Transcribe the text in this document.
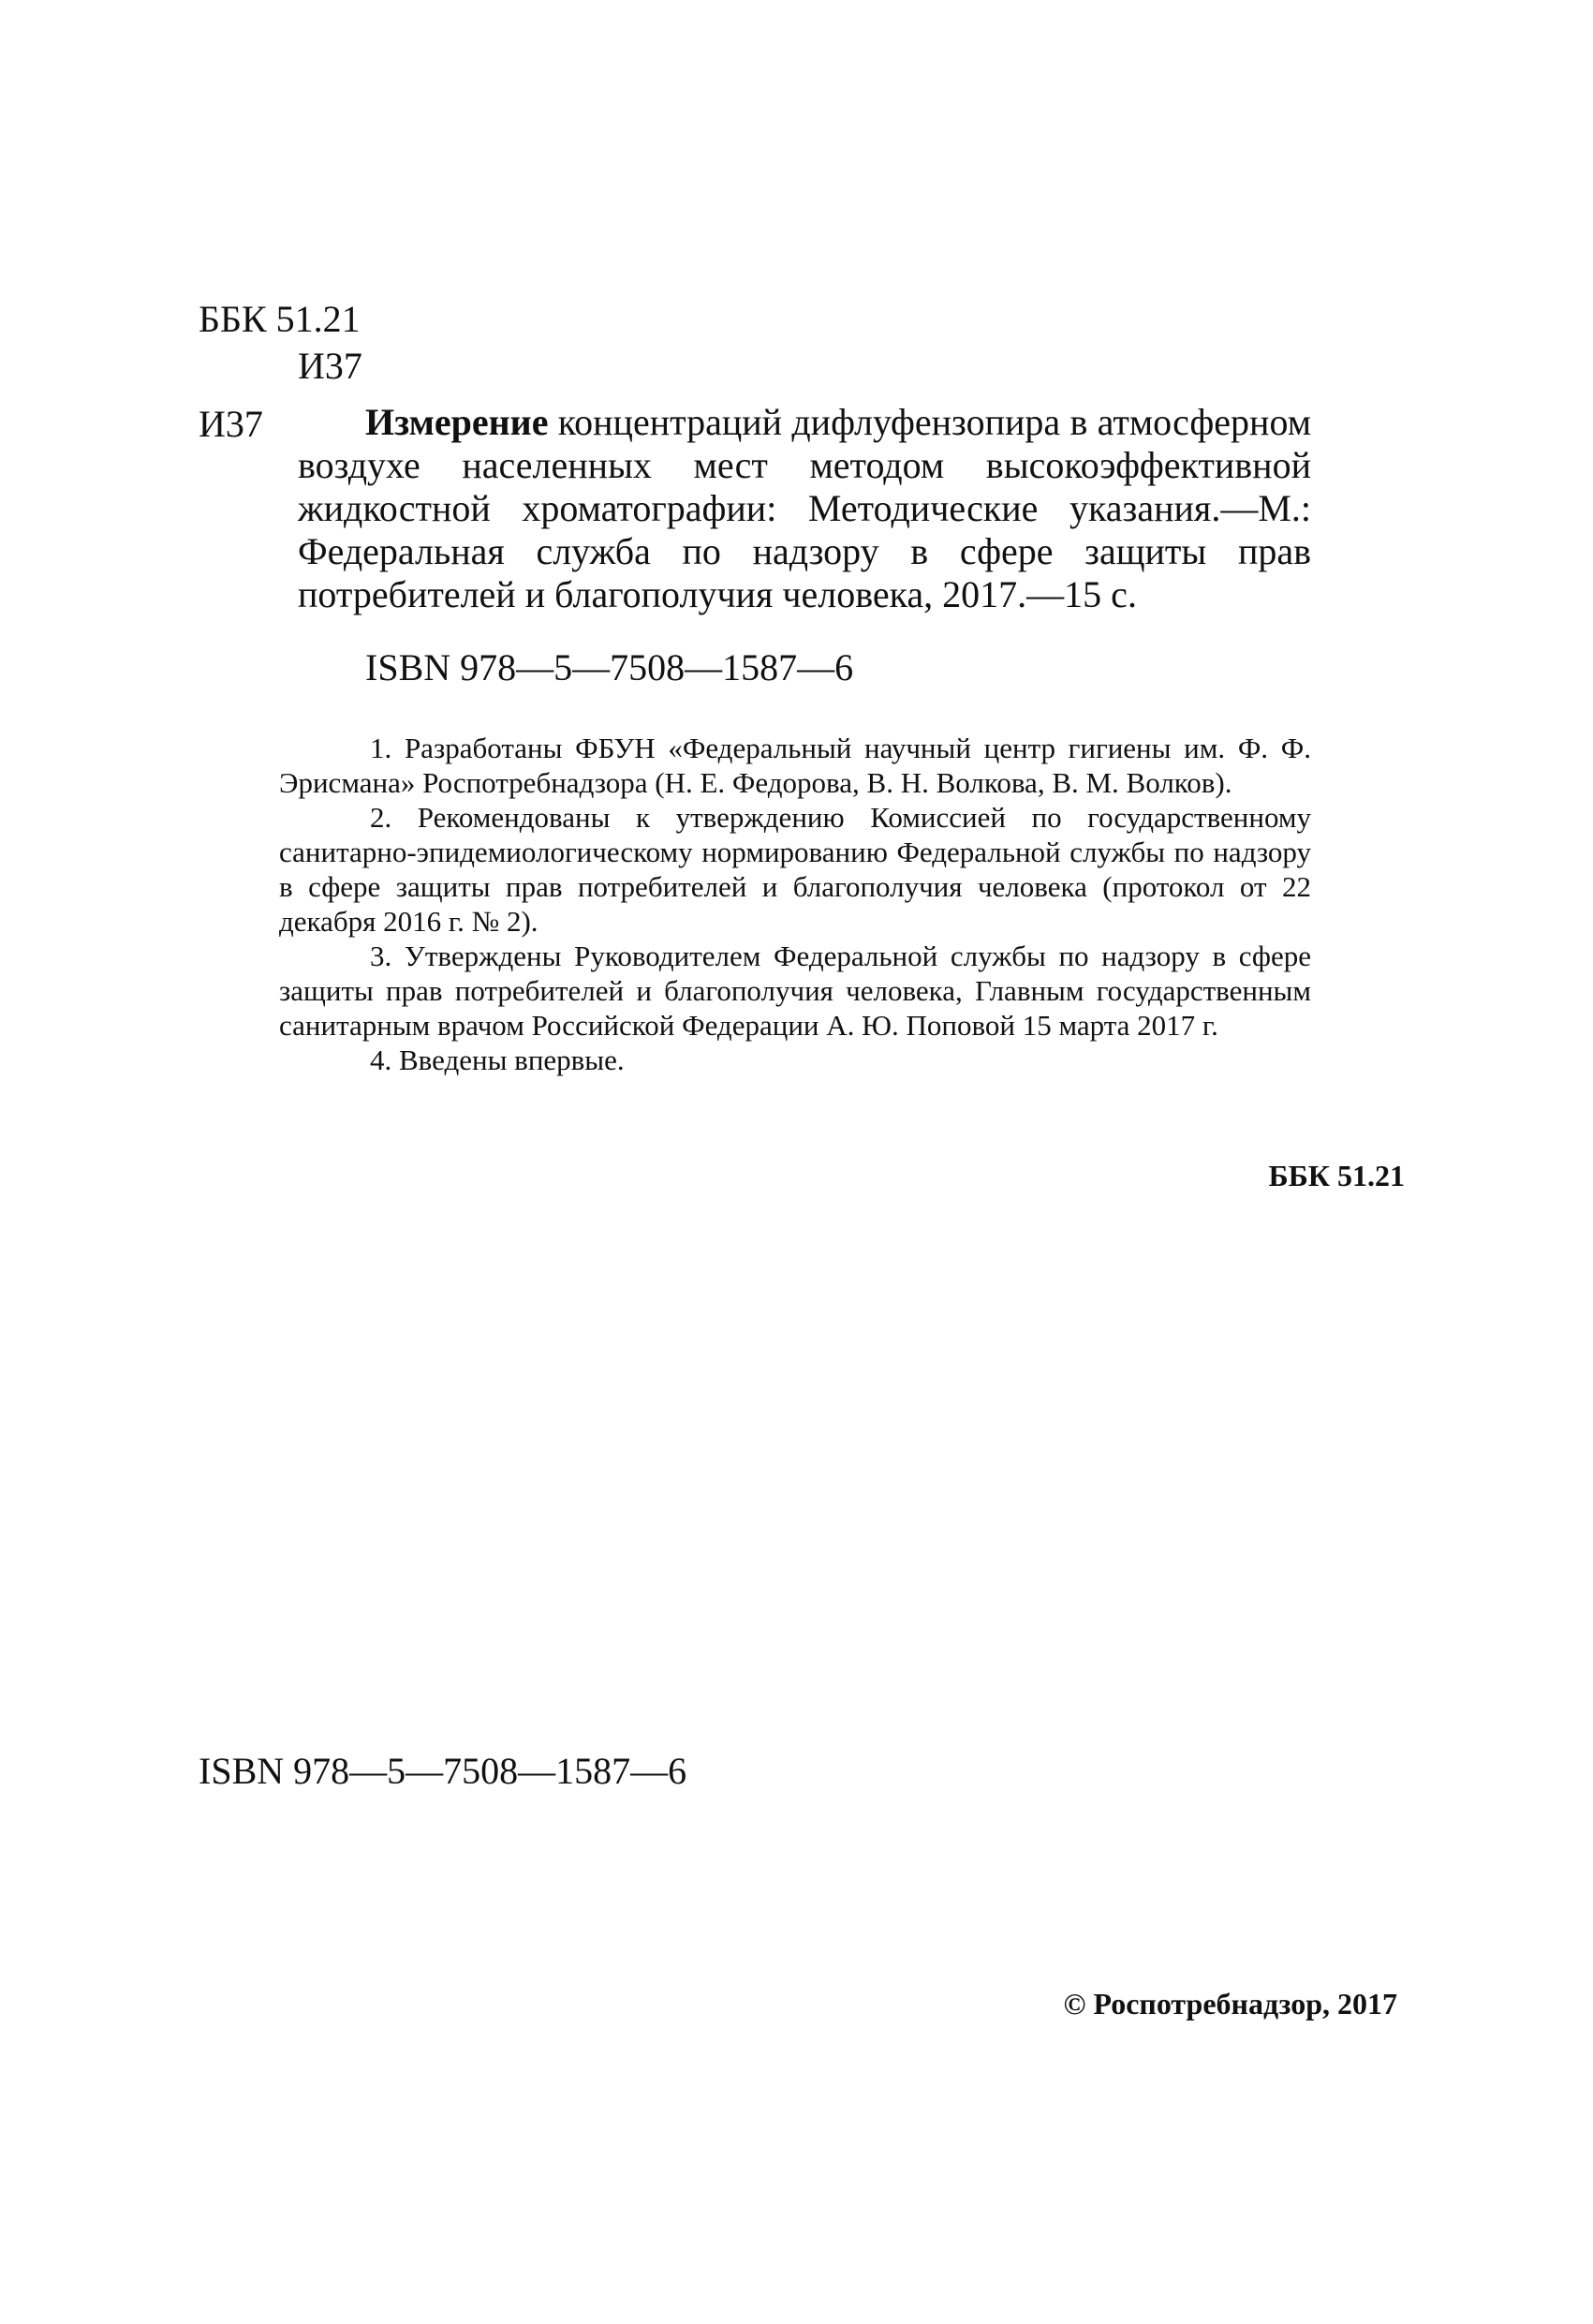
ББК 51.21
И37
И37	Измерение концентраций дифлуфензопира в атмосферном воздухе населенных мест методом высокоэффективной жидкостной хроматографии: Методические указания.—М.: Федеральная служба по надзору в сфере защиты прав потребителей и благополучия человека, 2017.—15 с.
ISBN 978—5—7508—1587—6

1. Разработаны ФБУН «Федеральный научный центр гигиены им. Ф. Ф. Эрисмана» Роспотребнадзора (Н. Е. Федорова, В. Н. Волкова, В. М. Волков).

2. Рекомендованы к утверждению Комиссией по государственному санитарно-эпидемиологическому нормированию Федеральной службы по надзору в сфере защиты прав потребителей и благополучия человека (протокол от 22 декабря 2016 г. № 2).

3. Утверждены Руководителем Федеральной службы по надзору в сфере защиты прав потребителей и благополучия человека, Главным государственным санитарным врачом Российской Федерации А. Ю. Поповой 15 марта 2017 г.

4. Введены впервые.

ББК 51.21
ISBN 978—5—7508—1587—6
© Роспотребнадзор, 2017
